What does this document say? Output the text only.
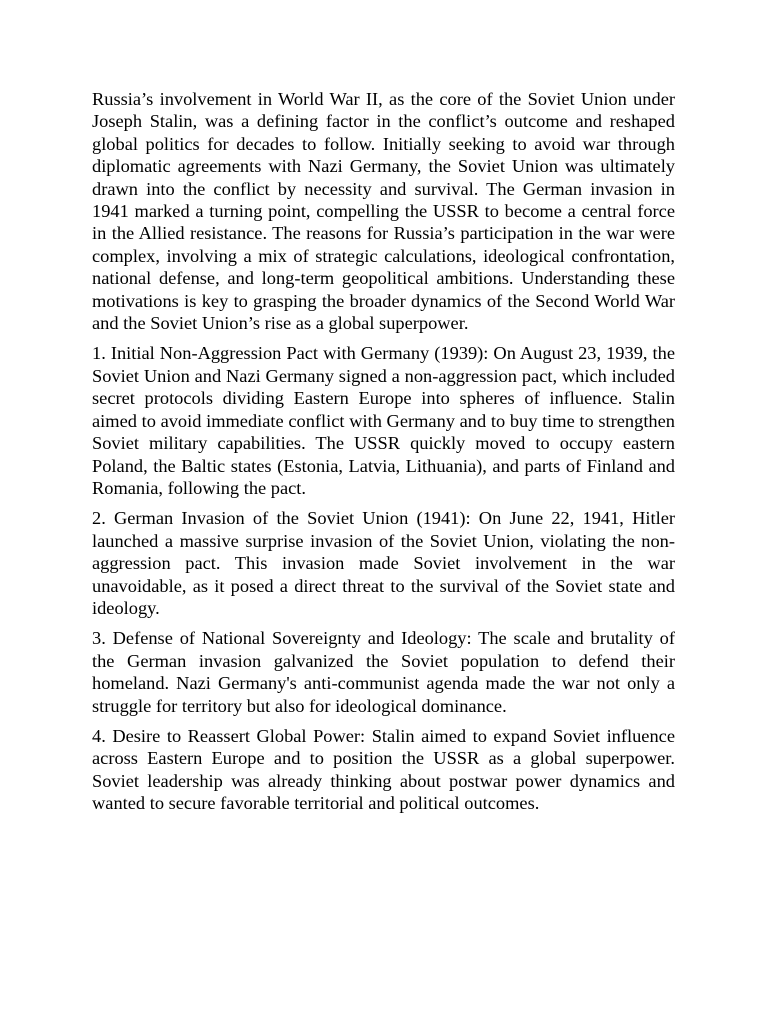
Russia’s involvement in World War II, as the core of the Soviet Union under Joseph Stalin, was a defining factor in the conflict’s outcome and reshaped global politics for decades to follow. Initially seeking to avoid war through diplomatic agreements with Nazi Germany, the Soviet Union was ultimately drawn into the conflict by necessity and survival. The German invasion in 1941 marked a turning point, compelling the USSR to become a central force in the Allied resistance. The reasons for Russia’s participation in the war were complex, involving a mix of strategic calculations, ideological confrontation, national defense, and long-term geopolitical ambitions. Understanding these motivations is key to grasping the broader dynamics of the Second World War and the Soviet Union’s rise as a global superpower.

1. Initial Non-Aggression Pact with Germany (1939): On August 23, 1939, the Soviet Union and Nazi Germany signed a non-aggression pact, which included secret protocols dividing Eastern Europe into spheres of influence. Stalin aimed to avoid immediate conflict with Germany and to buy time to strengthen Soviet military capabilities. The USSR quickly moved to occupy eastern Poland, the Baltic states (Estonia, Latvia, Lithuania), and parts of Finland and Romania, following the pact.

2. German Invasion of the Soviet Union (1941): On June 22, 1941, Hitler launched a massive surprise invasion of the Soviet Union, violating the non-aggression pact. This invasion made Soviet involvement in the war unavoidable, as it posed a direct threat to the survival of the Soviet state and ideology.

3. Defense of National Sovereignty and Ideology: The scale and brutality of the German invasion galvanized the Soviet population to defend their homeland. Nazi Germany's anti-communist agenda made the war not only a struggle for territory but also for ideological dominance.

4. Desire to Reassert Global Power: Stalin aimed to expand Soviet influence across Eastern Europe and to position the USSR as a global superpower. Soviet leadership was already thinking about postwar power dynamics and wanted to secure favorable territorial and political outcomes.
